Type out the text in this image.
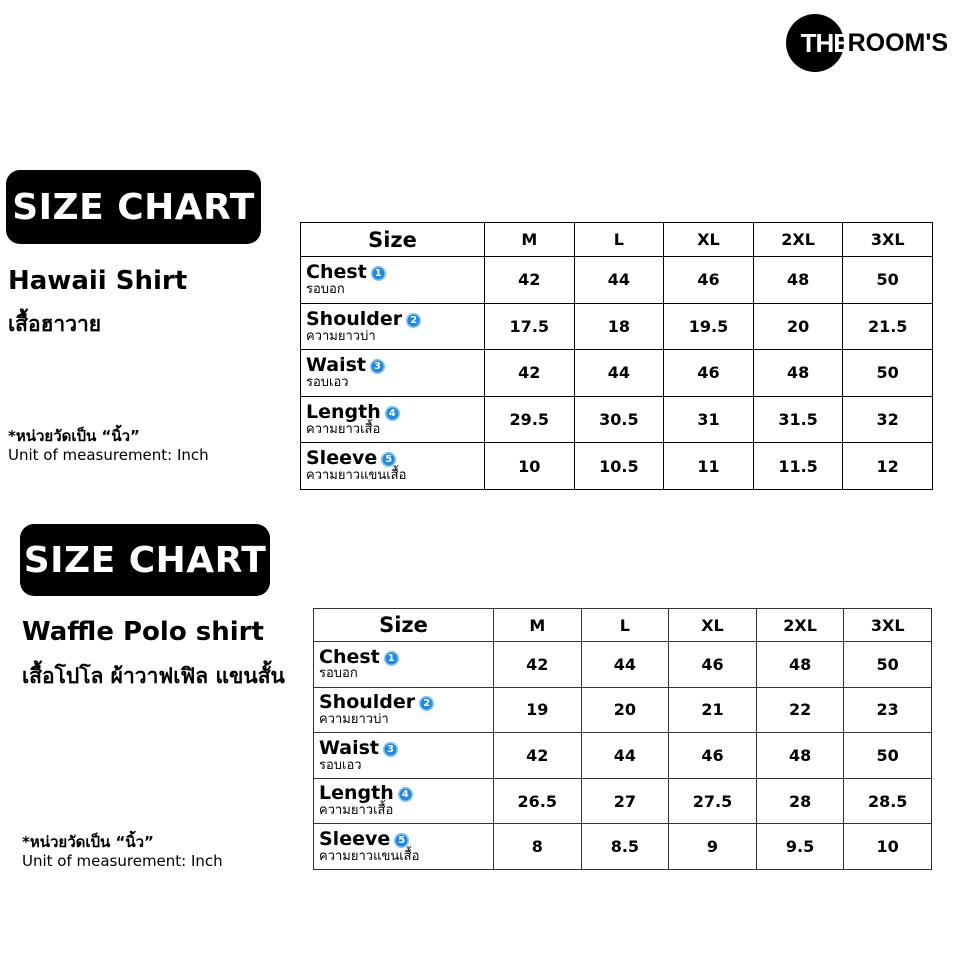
THE
ROOM'S
SIZE CHART
Hawaii Shirt
เสื้อฮาวาย
*หน่วยวัดเป็น “นิ้ว”
Unit of measurement: Inch
Size	M	L	XL	2XL	3XL
Chest 1
รอบอก	42	44	46	48	50
Shoulder 2
ความยาวบ่า	17.5	18	19.5	20	21.5
Waist 3
รอบเอว	42	44	46	48	50
Length 4
ความยาวเสื้อ	29.5	30.5	31	31.5	32
Sleeve 5
ความยาวแขนเสื้อ	10	10.5	11	11.5	12
SIZE CHART
Waffle Polo shirt
เสื้อโปโล ผ้าวาฟเฟิล แขนสั้น
*หน่วยวัดเป็น “นิ้ว”
Unit of measurement: Inch
Size	M	L	XL	2XL	3XL
Chest 1
รอบอก	42	44	46	48	50
Shoulder 2
ความยาวบ่า	19	20	21	22	23
Waist 3
รอบเอว	42	44	46	48	50
Length 4
ความยาวเสื้อ	26.5	27	27.5	28	28.5
Sleeve 5
ความยาวแขนเสื้อ	8	8.5	9	9.5	10
